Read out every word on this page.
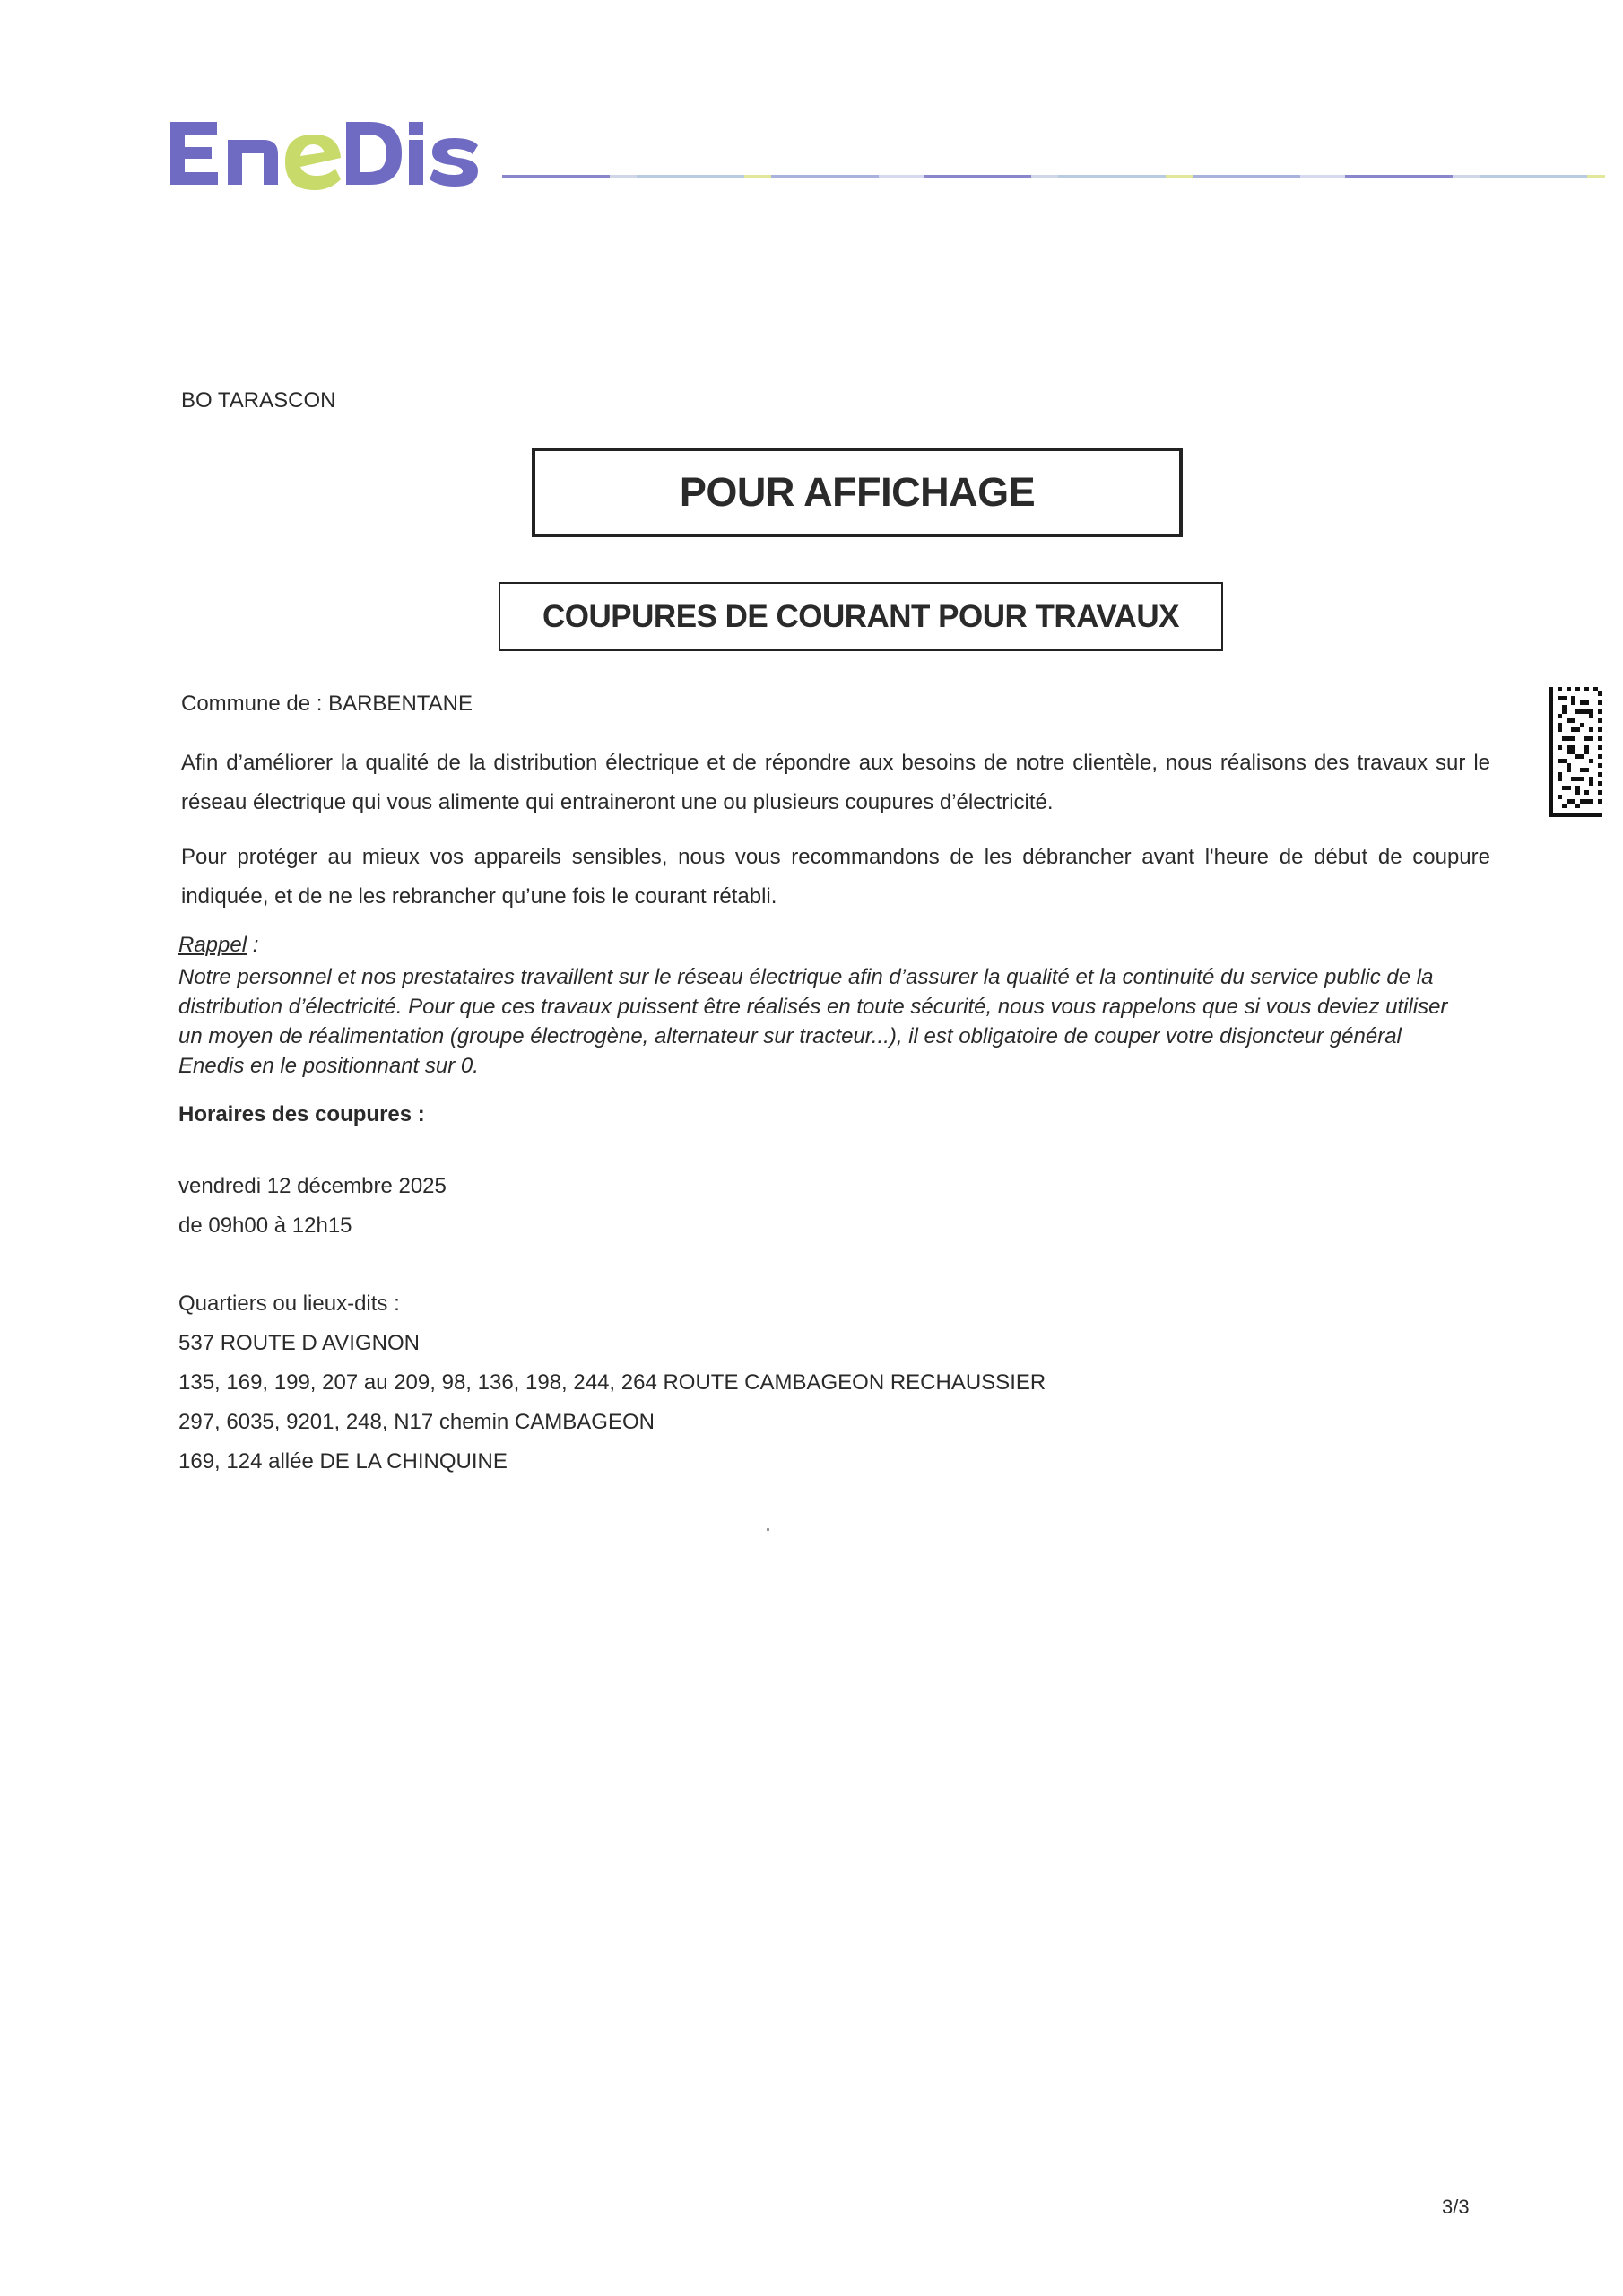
BO TARASCON
POUR AFFICHAGE
COUPURES DE COURANT POUR TRAVAUX
Commune de : BARBENTANE
Afin d’améliorer la qualité de la distribution électrique et de répondre aux besoins de notre clientèle, nous réalisons des travaux sur le réseau électrique qui vous alimente qui entraineront une ou plusieurs coupures d’électricité.
Pour protéger au mieux vos appareils sensibles, nous vous recommandons de les débrancher avant l'heure de début de coupure indiquée, et de ne les rebrancher qu’une fois le courant rétabli.
Rappel :
Notre personnel et nos prestataires travaillent sur le réseau électrique afin d’assurer la qualité et la continuité du service public de la distribution d’électricité. Pour que ces travaux puissent être réalisés en toute sécurité, nous vous rappelons que si vous deviez utiliser un moyen de réalimentation (groupe électrogène, alternateur sur tracteur...), il est obligatoire de couper votre disjoncteur général Enedis en le positionnant sur 0.
Horaires des coupures :
vendredi 12 décembre 2025
de 09h00 à 12h15
Quartiers ou lieux-dits :
537 ROUTE D AVIGNON
135, 169, 199, 207 au 209, 98, 136, 198, 244, 264 ROUTE CAMBAGEON RECHAUSSIER
297, 6035, 9201, 248, N17 chemin CAMBAGEON
169, 124 allée DE LA CHINQUINE
3/3
